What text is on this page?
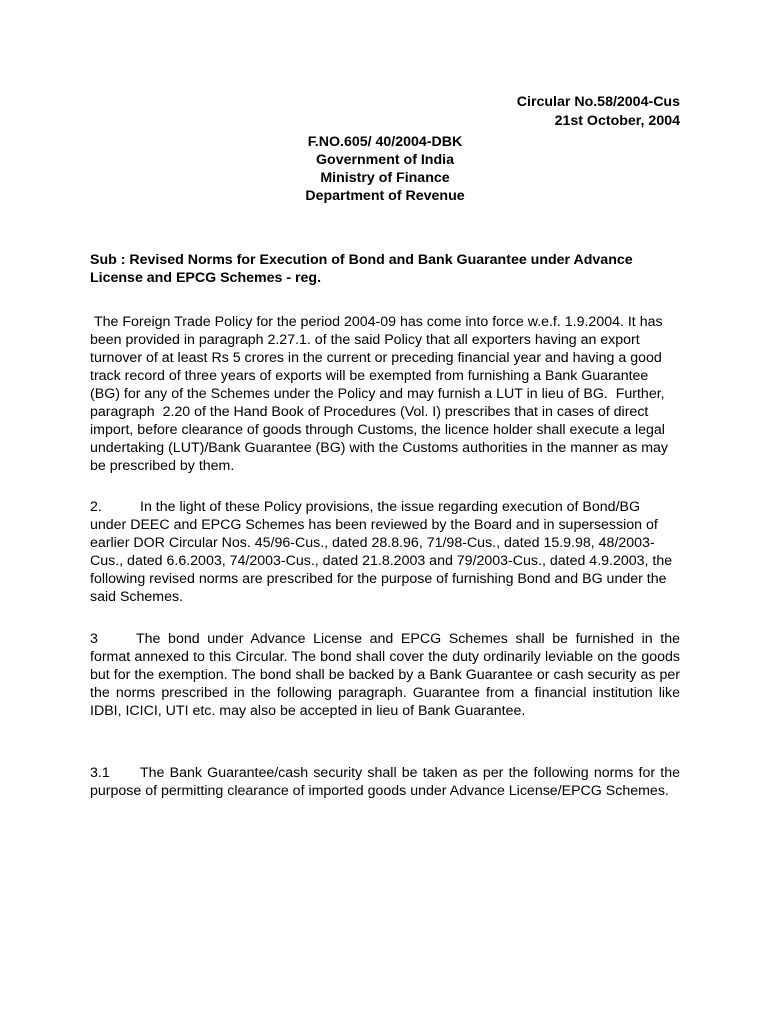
Circular No.58/2004-Cus
21st October, 2004
F.NO.605/ 40/2004-DBK
Government of India
Ministry of Finance
Department of Revenue
Sub : Revised Norms for Execution of Bond and Bank Guarantee under Advance License and EPCG Schemes - reg.
The Foreign Trade Policy for the period 2004-09 has come into force w.e.f. 1.9.2004. It has been provided in paragraph 2.27.1. of the said Policy that all exporters having an export turnover of at least Rs 5 crores in the current or preceding financial year and having a good track record of three years of exports will be exempted from furnishing a Bank Guarantee (BG) for any of the Schemes under the Policy and may furnish a LUT in lieu of BG.  Further, paragraph  2.20 of the Hand Book of Procedures (Vol. I) prescribes that in cases of direct import, before clearance of goods through Customs, the licence holder shall execute a legal undertaking (LUT)/Bank Guarantee (BG) with the Customs authorities in the manner as may be prescribed by them.
2.	In the light of these Policy provisions, the issue regarding execution of Bond/BG under DEEC and EPCG Schemes has been reviewed by the Board and in supersession of earlier DOR Circular Nos. 45/96-Cus., dated 28.8.96, 71/98-Cus., dated 15.9.98, 48/2003-Cus., dated 6.6.2003, 74/2003-Cus., dated 21.8.2003 and 79/2003-Cus., dated 4.9.2003, the following revised norms are prescribed for the purpose of furnishing Bond and BG under the said Schemes.
3	The bond under Advance License and EPCG Schemes shall be furnished in the format annexed to this Circular. The bond shall cover the duty ordinarily leviable on the goods but for the exemption. The bond shall be backed by a Bank Guarantee or cash security as per the norms prescribed in the following paragraph. Guarantee from a financial institution like IDBI, ICICI, UTI etc. may also be accepted in lieu of Bank Guarantee.
3.1 The Bank Guarantee/cash security shall be taken as per the following norms for the purpose of permitting clearance of imported goods under Advance License/EPCG Schemes.
